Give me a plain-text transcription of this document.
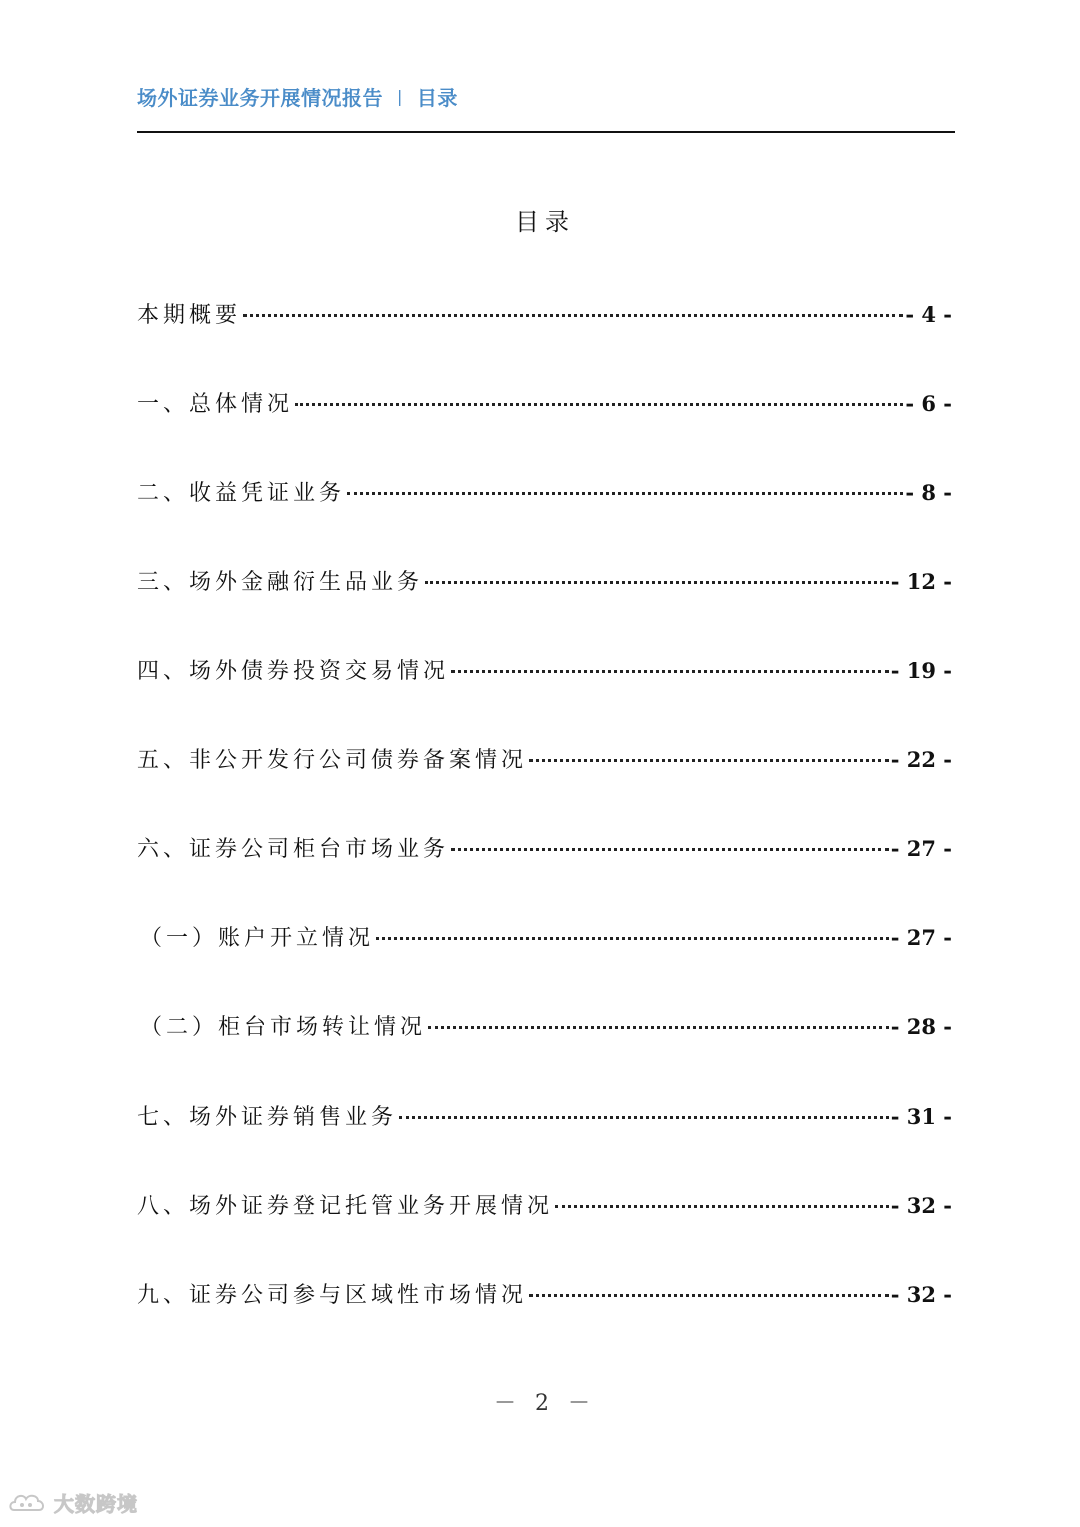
场外证券业务开展情况报告 | 目录
目录
本期概要	- 4 -
一、总体情况	- 6 -
二、收益凭证业务	- 8 -
三、场外金融衍生品业务	- 12 -
四、场外债券投资交易情况	- 19 -
五、非公开发行公司债券备案情况	- 22 -
六、证券公司柜台市场业务	- 27 -
（一）账户开立情况	- 27 -
（二）柜台市场转让情况	- 28 -
七、场外证券销售业务	- 31 -
八、场外证券登记托管业务开展情况	- 32 -
九、证券公司参与区域性市场情况	- 32 -
－ 2 －
大数跨境
